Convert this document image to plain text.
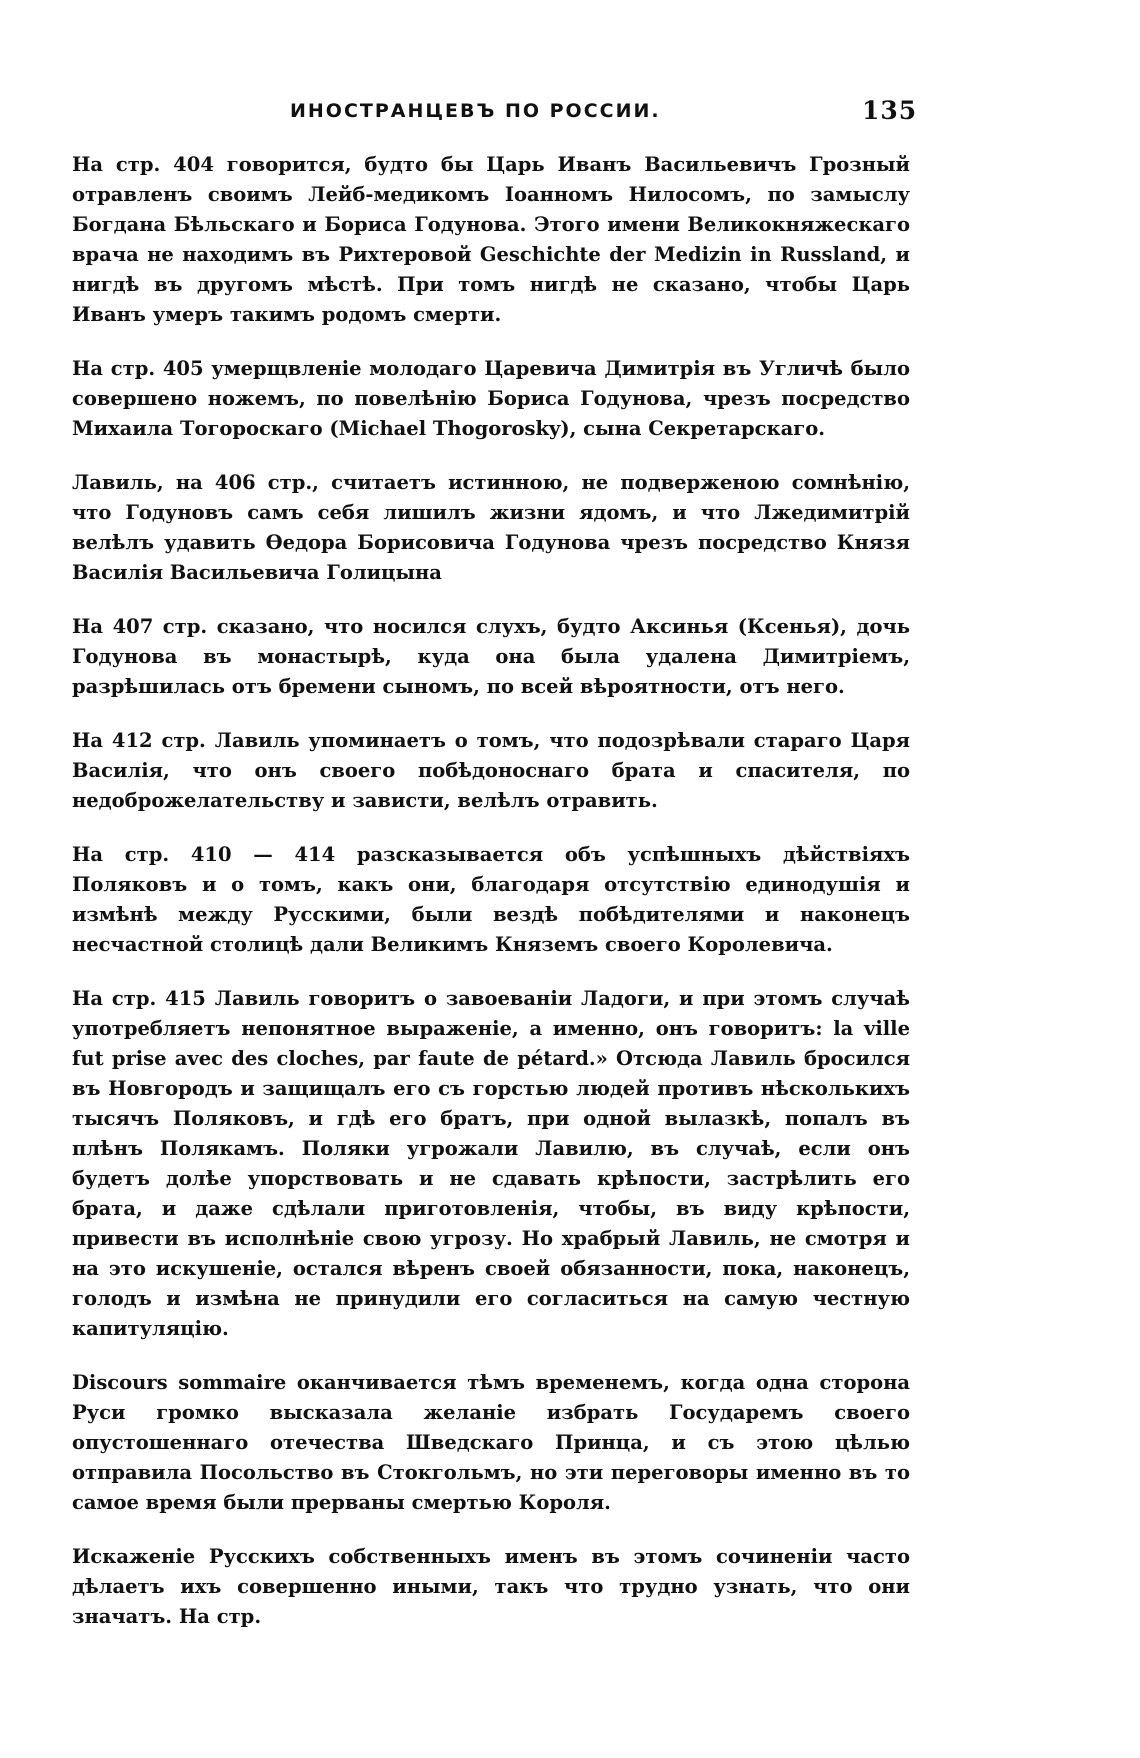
ИНОСТРАНЦЕВЪ ПО РОССИИ.	135

На стр. 404 говорится, будто бы Царь Иванъ Васильевичъ Грозный отравленъ своимъ Лейб-медикомъ Іоанномъ Нилосомъ, по замыслу Богдана Бѣльскаго и Бориса Годунова. Этого имени Великокняжескаго врача не находимъ въ Рихтеровой Geschichte der Medizin in Russland, и нигдѣ въ другомъ мѣстѣ. При томъ нигдѣ не сказано, чтобы Царь Иванъ умеръ такимъ родомъ смерти.

На стр. 405 умерщвленіе молодаго Царевича Димитрія въ Угличѣ было совершено ножемъ, по повелѣнію Бориса Годунова, чрезъ посредство Михаила Тогороскаго (Michael Thogorosky), сына Секретарскаго.

Лавиль, на 406 стр., считаетъ истинною, не подверженою сомнѣнію, что Годуновъ самъ себя лишилъ жизни ядомъ, и что Лжедимитрій велѣлъ удавить Ѳедора Борисовича Годунова чрезъ посредство Князя Василія Васильевича Голицына

На 407 стр. сказано, что носился слухъ, будто Аксинья (Ксенья), дочь Годунова въ монастырѣ, куда она была удалена Димитріемъ, разрѣшилась отъ бремени сыномъ, по всей вѣроятности, отъ него.

На 412 стр. Лавиль упоминаетъ о томъ, что подозрѣвали стараго Царя Василія, что онъ своего побѣдоноснаго брата и спасителя, по недоброжелательству и зависти, велѣлъ отравить.

На стр. 410 — 414 разсказывается объ успѣшныхъ дѣйствіяхъ Поляковъ и о томъ, какъ они, благодаря отсутствію единодушія и измѣнѣ между Русскими, были вездѣ побѣдителями и наконецъ несчастной столицѣ дали Великимъ Княземъ своего Королевича.

На стр. 415 Лавиль говоритъ о завоеваніи Ладоги, и при этомъ случаѣ употребляетъ непонятное выраженіе, а именно, онъ говоритъ: la ville fut prise avec des cloches, par faute de pétard.» Отсюда Лавиль бросился въ Новгородъ и защищалъ его съ горстью людей противъ нѣсколькихъ тысячъ Поляковъ, и гдѣ его братъ, при одной вылазкѣ, попалъ въ плѣнъ Полякамъ. Поляки угрожали Лавилю, въ случаѣ, если онъ будетъ долѣе упорствовать и не сдавать крѣпости, застрѣлить его брата, и даже сдѣлали приготовленія, чтобы, въ виду крѣпости, привести въ исполнѣніе свою угрозу. Но храбрый Лавиль, не смотря и на это искушеніе, остался вѣренъ своей обязанности, пока, наконецъ, голодъ и измѣна не принудили его согласиться на самую честную капитуляцію.

Discours sommaire оканчивается тѣмъ временемъ, когда одна сторона Руси громко высказала желаніе избрать Государемъ своего опустошеннаго отечества Шведскаго Принца, и съ этою цѣлью отправила Посольство въ Стокгольмъ, но эти переговоры именно въ то самое время были прерваны смертью Короля.

Искаженіе Русскихъ собственныхъ именъ въ этомъ сочиненіи часто дѣлаетъ ихъ совершенно иными, такъ что трудно узнать, что они значатъ. На стр.
